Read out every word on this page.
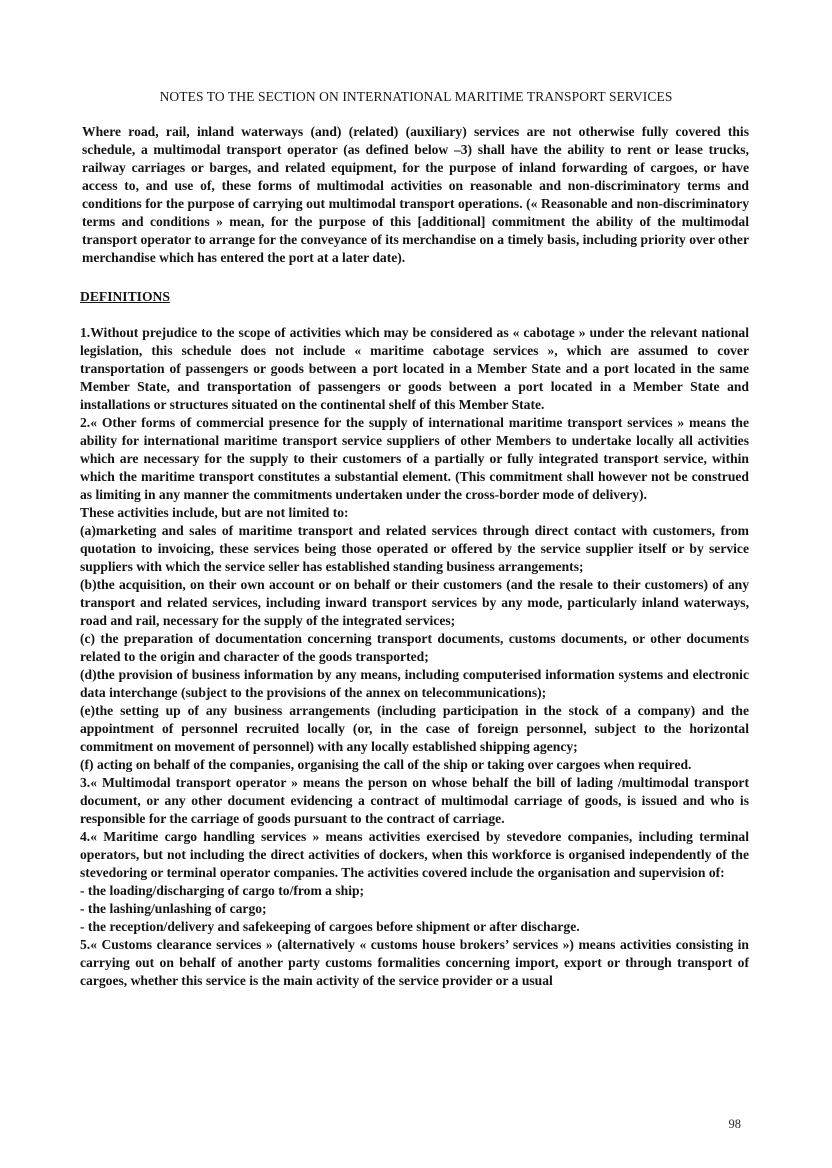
NOTES TO THE SECTION ON INTERNATIONAL MARITIME TRANSPORT SERVICES

Where road, rail, inland waterways (and) (related) (auxiliary) services are not otherwise fully covered this schedule, a multimodal transport operator (as defined below –3) shall have the ability to rent or lease trucks, railway carriages or barges, and related equipment, for the purpose of inland forwarding of cargoes, or have access to, and use of, these forms of multimodal activities on reasonable and non-discriminatory terms and conditions for the purpose of carrying out multimodal transport operations. (« Reasonable and non-discriminatory terms and conditions » mean, for the purpose of this [additional] commitment the ability of the multimodal transport operator to arrange for the conveyance of its merchandise on a timely basis, including priority over other merchandise which has entered the port at a later date).

DEFINITIONS

1.Without prejudice to the scope of activities which may be considered as « cabotage » under the relevant national legislation, this schedule does not include « maritime cabotage services », which are assumed to cover transportation of passengers or goods between a port located in a Member State and a port located in the same Member State, and transportation of passengers or goods between a port located in a Member State and installations or structures situated on the continental shelf of this Member State.

2.« Other forms of commercial presence for the supply of international maritime transport services » means the ability for international maritime transport service suppliers of other Members to undertake locally all activities which are necessary for the supply to their customers of a partially or fully integrated transport service, within which the maritime transport constitutes a substantial element. (This commitment shall however not be construed as limiting in any manner the commitments undertaken under the cross-border mode of delivery).

These activities include, but are not limited to:

(a)marketing and sales of maritime transport and related services through direct contact with customers, from quotation to invoicing, these services being those operated or offered by the service supplier itself or by service suppliers with which the service seller has established standing business arrangements;

(b)the acquisition, on their own account or on behalf or their customers (and the resale to their customers) of any transport and related services, including inward transport services by any mode, particularly inland waterways, road and rail, necessary for the supply of the integrated services;

(c) the preparation of documentation concerning transport documents, customs documents, or other documents related to the origin and character of the goods transported;

(d)the provision of business information by any means, including computerised information systems and electronic data interchange (subject to the provisions of the annex on telecommunications);

(e)the setting up of any business arrangements (including participation in the stock of a company) and the appointment of personnel recruited locally (or, in the case of foreign personnel, subject to the horizontal commitment on movement of personnel) with any locally established shipping agency;

(f) acting on behalf of the companies, organising the call of the ship or taking over cargoes when required.

3.« Multimodal transport operator » means the person on whose behalf the bill of lading /multimodal transport document, or any other document evidencing a contract of multimodal carriage of goods, is issued and who is responsible for the carriage of goods pursuant to the contract of carriage.

4.« Maritime cargo handling services » means activities exercised by stevedore companies, including terminal operators, but not including the direct activities of dockers, when this workforce is organised independently of the stevedoring or terminal operator companies. The activities covered include the organisation and supervision of:

- the loading/discharging of cargo to/from a ship;

- the lashing/unlashing of cargo;

- the reception/delivery and safekeeping of cargoes before shipment or after discharge.

5.« Customs clearance services » (alternatively « customs house brokers’ services ») means activities consisting in carrying out on behalf of another party customs formalities concerning import, export or through transport of cargoes, whether this service is the main activity of the service provider or a usual

98
